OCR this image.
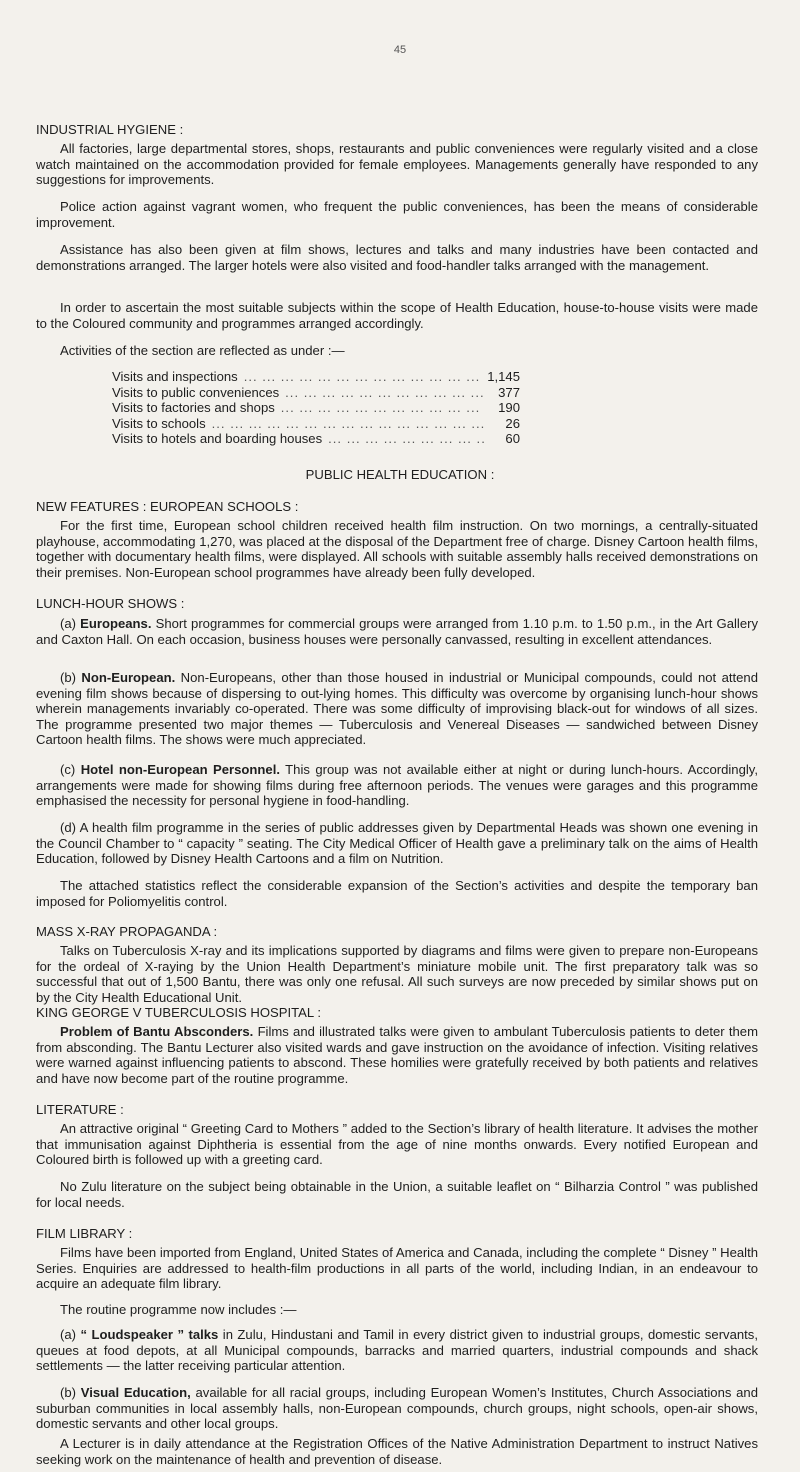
45

INDUSTRIAL HYGIENE :

All factories, large departmental stores, shops, restaurants and public conveniences were regularly visited and a close watch maintained on the accommodation provided for female employees. Managements generally have responded to any suggestions for improvements.

Police action against vagrant women, who frequent the public conveniences, has been the means of considerable improvement.

Assistance has also been given at film shows, lectures and talks and many industries have been contacted and demonstrations arranged. The larger hotels were also visited and food-handler talks arranged with the management.

In order to ascertain the most suitable subjects within the scope of Health Education, house-to-house visits were made to the Coloured community and programmes arranged accordingly.

Activities of the section are reflected as under :—

Visits and inspections ... .	1,145
Visits to public conveniences ... .	377
Visits to factories and shops ... .	190
Visits to schools ... .	26
Visits to hotels and boarding houses ... .	60

PUBLIC HEALTH EDUCATION :

NEW FEATURES : EUROPEAN SCHOOLS :

For the first time, European school children received health film instruction. On two mornings, a centrally-situated playhouse, accommodating 1,270, was placed at the disposal of the Department free of charge. Disney Cartoon health films, together with documentary health films, were displayed. All schools with suitable assembly halls received demonstrations on their premises. Non-European school programmes have already been fully developed.

LUNCH-HOUR SHOWS :

(a) Europeans. Short programmes for commercial groups were arranged from 1.10 p.m. to 1.50 p.m., in the Art Gallery and Caxton Hall. On each occasion, business houses were personally canvassed, resulting in excellent attendances.

(b) Non-European. Non-Europeans, other than those housed in industrial or Municipal compounds, could not attend evening film shows because of dispersing to out-lying homes. This difficulty was overcome by organising lunch-hour shows wherein managements invariably co-operated. There was some difficulty of improvising black-out for windows of all sizes. The programme presented two major themes — Tuberculosis and Venereal Diseases — sandwiched between Disney Cartoon health films. The shows were much appreciated.

(c) Hotel non-European Personnel. This group was not available either at night or during lunch-hours. Accordingly, arrangements were made for showing films during free afternoon periods. The venues were garages and this programme emphasised the necessity for personal hygiene in food-handling.

(d) A health film programme in the series of public addresses given by Departmental Heads was shown one evening in the Council Chamber to “ capacity ” seating. The City Medical Officer of Health gave a preliminary talk on the aims of Health Education, followed by Disney Health Cartoons and a film on Nutrition.

The attached statistics reflect the considerable expansion of the Section’s activities and despite the temporary ban imposed for Poliomyelitis control.

MASS X-RAY PROPAGANDA :

Talks on Tuberculosis X-ray and its implications supported by diagrams and films were given to prepare non-Europeans for the ordeal of X-raying by the Union Health Department’s miniature mobile unit. The first preparatory talk was so successful that out of 1,500 Bantu, there was only one refusal. All such surveys are now preceded by similar shows put on by the City Health Educational Unit.

KING GEORGE V TUBERCULOSIS HOSPITAL :

Problem of Bantu Absconders. Films and illustrated talks were given to ambulant Tuberculosis patients to deter them from absconding. The Bantu Lecturer also visited wards and gave instruction on the avoidance of infection. Visiting relatives were warned against influencing patients to abscond. These homilies were gratefully received by both patients and relatives and have now become part of the routine programme.

LITERATURE :

An attractive original “ Greeting Card to Mothers ” added to the Section’s library of health literature. It advises the mother that immunisation against Diphtheria is essential from the age of nine months onwards. Every notified European and Coloured birth is followed up with a greeting card.

No Zulu literature on the subject being obtainable in the Union, a suitable leaflet on “ Bilharzia Control ” was published for local needs.

FILM LIBRARY :

Films have been imported from England, United States of America and Canada, including the complete “ Disney ” Health Series. Enquiries are addressed to health-film productions in all parts of the world, including Indian, in an endeavour to acquire an adequate film library.

The routine programme now includes :—

(a) “ Loudspeaker ” talks in Zulu, Hindustani and Tamil in every district given to industrial groups, domestic servants, queues at food depots, at all Municipal compounds, barracks and married quarters, industrial compounds and shack settlements — the latter receiving particular attention.

(b) Visual Education, available for all racial groups, including European Women’s Institutes, Church Associations and suburban communities in local assembly halls, non-European compounds, church groups, night schools, open-air shows, domestic servants and other local groups.

A Lecturer is in daily attendance at the Registration Offices of the Native Administration Department to instruct Natives seeking work on the maintenance of health and prevention of disease.
